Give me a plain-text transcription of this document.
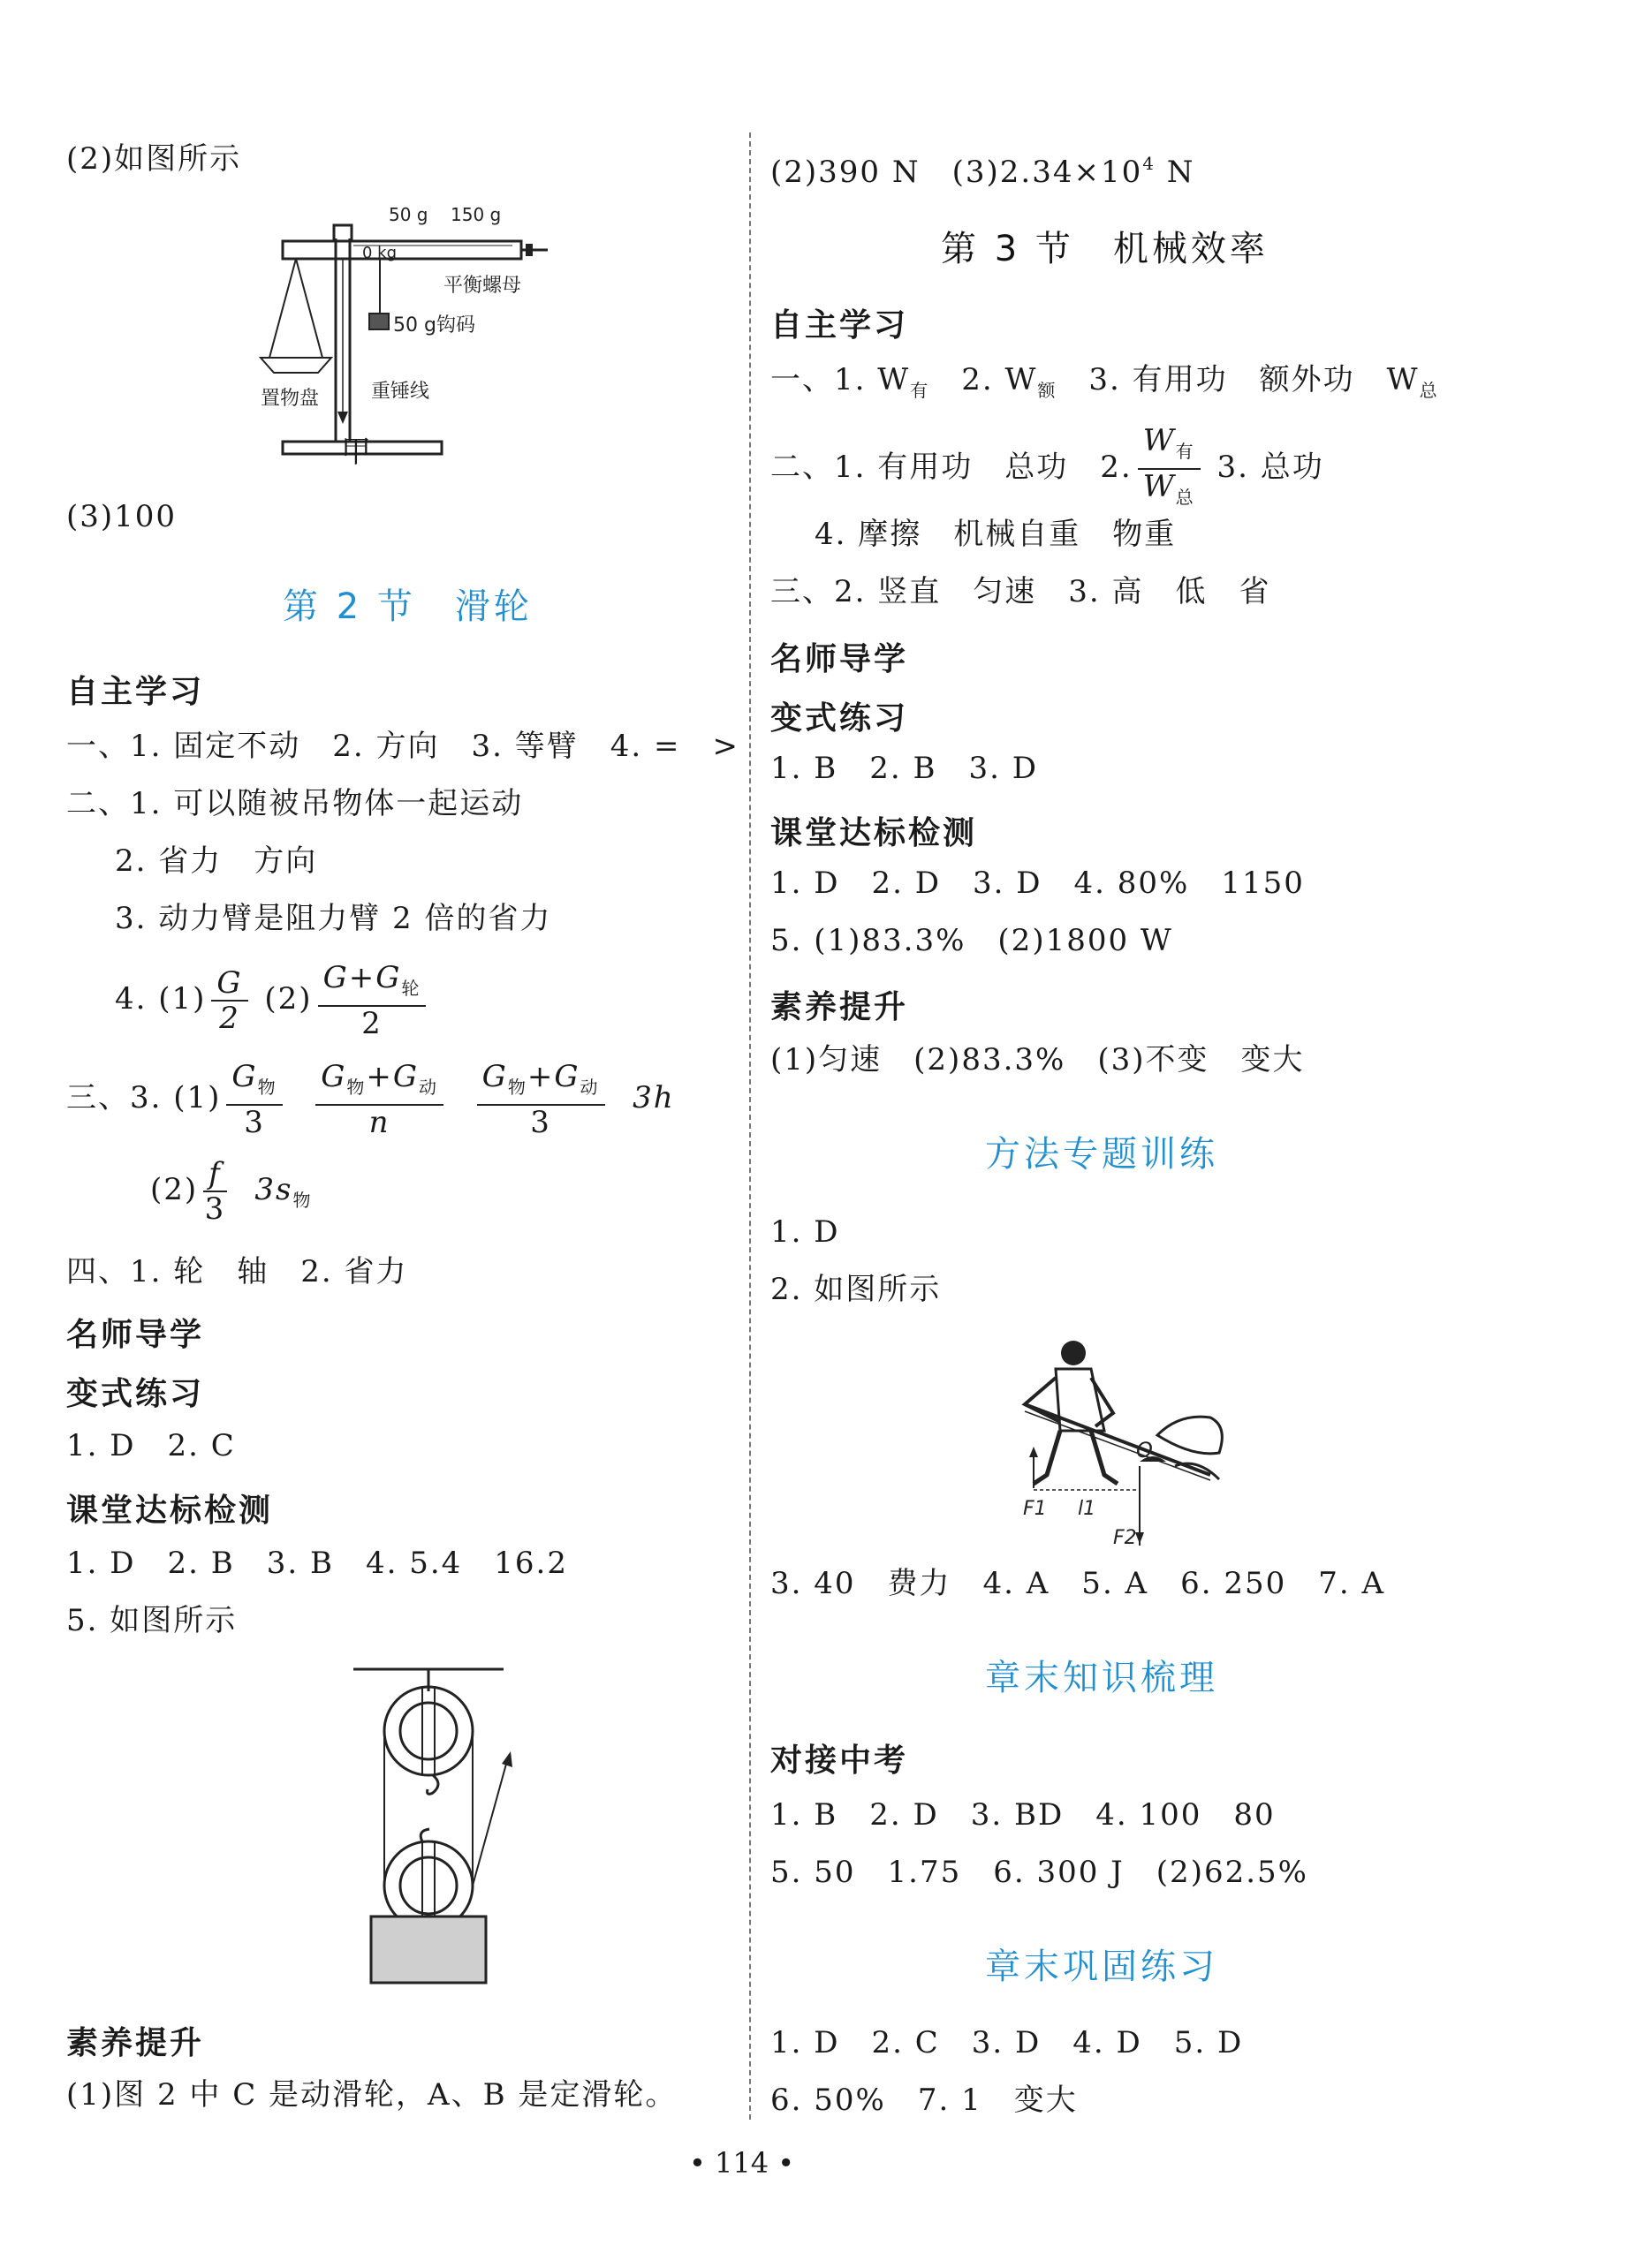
(2)如图所示
50 g 150 g
0 kg
平衡螺母
50 g钩码
置物盘	重锤线
甲
(3)100
第 2 节　滑轮
自主学习
一、1. 固定不动　2. 方向　3. 等臂　4. =　>
二、1. 可以随被吊物体一起运动
2. 省力　方向
3. 动力臂是阻力臂 2 倍的省力
4. $(1) \frac{G}{2} (2) \frac{G+G_轮}{2}$
三、3. $(1) \frac{G_物}{3}$
$\frac{G_物+G_动}{n}$
$\frac{G_物+G_动}{3} 3h$
$(2) \frac{f}{3} 3s_物$
四、1. 轮　轴　2. 省力
名师导学
变式练习
1. D　2. C
课堂达标检测
1. D　2. B　3. B　4. 5.4　16.2
5. 如图所示
素养提升
(1)图 2 中 C 是动滑轮，A、B 是定滑轮。
(2)390 N　$(3)2.34\times 10^4$ N
第 3 节　机械效率
自主学习
一、1. $W_有$　2. $W_额$　3. 有用功　额外功　$W_总$
二、1. 有用功　总功　2. $\frac{W_有}{W_总} 3$. 总功
4. 摩擦　机械自重　物重
三、2. 竖直　匀速　3. 高　低　省
名师导学
变式练习
1. B　2. B　3. D
课堂达标检测
1. D　2. D　3. D　4. 80%　1150
5. (1)83.3%　(2)1800 W
素养提升
(1)匀速　(2)83.3%　(3)不变　变大
方法专题训练
1. D
2. 如图所示
O
F1 l1
F2
3. 40　费力　4. A　5. A　6. 250　7. A
章末知识梳理
对接中考
1. B　2. D　3. BD　4. 100　80
5. 50　1.75　6. 300 J　(2)62.5%
章末巩固练习
1. D　2. C　3. D　4. D　5. D
6. 50%　7. 1　变大
• 114 •
